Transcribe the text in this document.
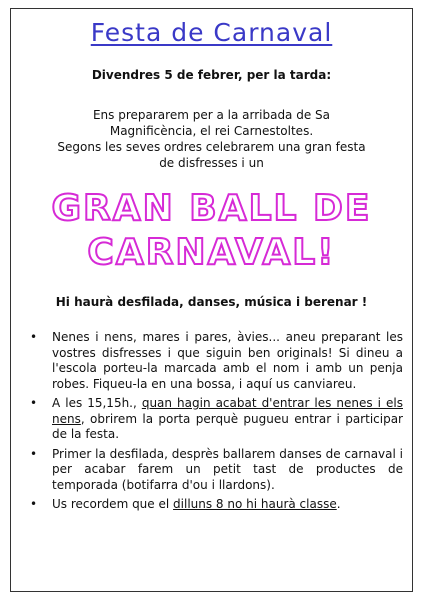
Festa de Carnaval
Divendres 5 de febrer, per la tarda:
Ens prepararem per a la arribada de Sa
Magnificència, el rei Carnestoltes.
Segons les seves ordres celebrarem una gran festa
de disfresses i un
GRAN BALL DE
CARNAVAL!
Hi haurà desfilada, danses, música i berenar !
• Nenes i nens, mares i pares, àvies... aneu preparant les vostres disfresses i que siguin ben originals! Si dineu a l'escola porteu-la marcada amb el nom i amb un penja robes. Fiqueu-la en una bossa, i aquí us canviareu.
• A les 15,15h., quan hagin acabat d'entrar les nenes i els nens, obrirem la porta perquè pugueu entrar i participar de la festa.
• Primer la desfilada, desprès ballarem danses de carnaval i per acabar farem un petit tast de productes de temporada (botifarra d'ou i llardons).
• Us recordem que el dilluns 8 no hi haurà classe.
